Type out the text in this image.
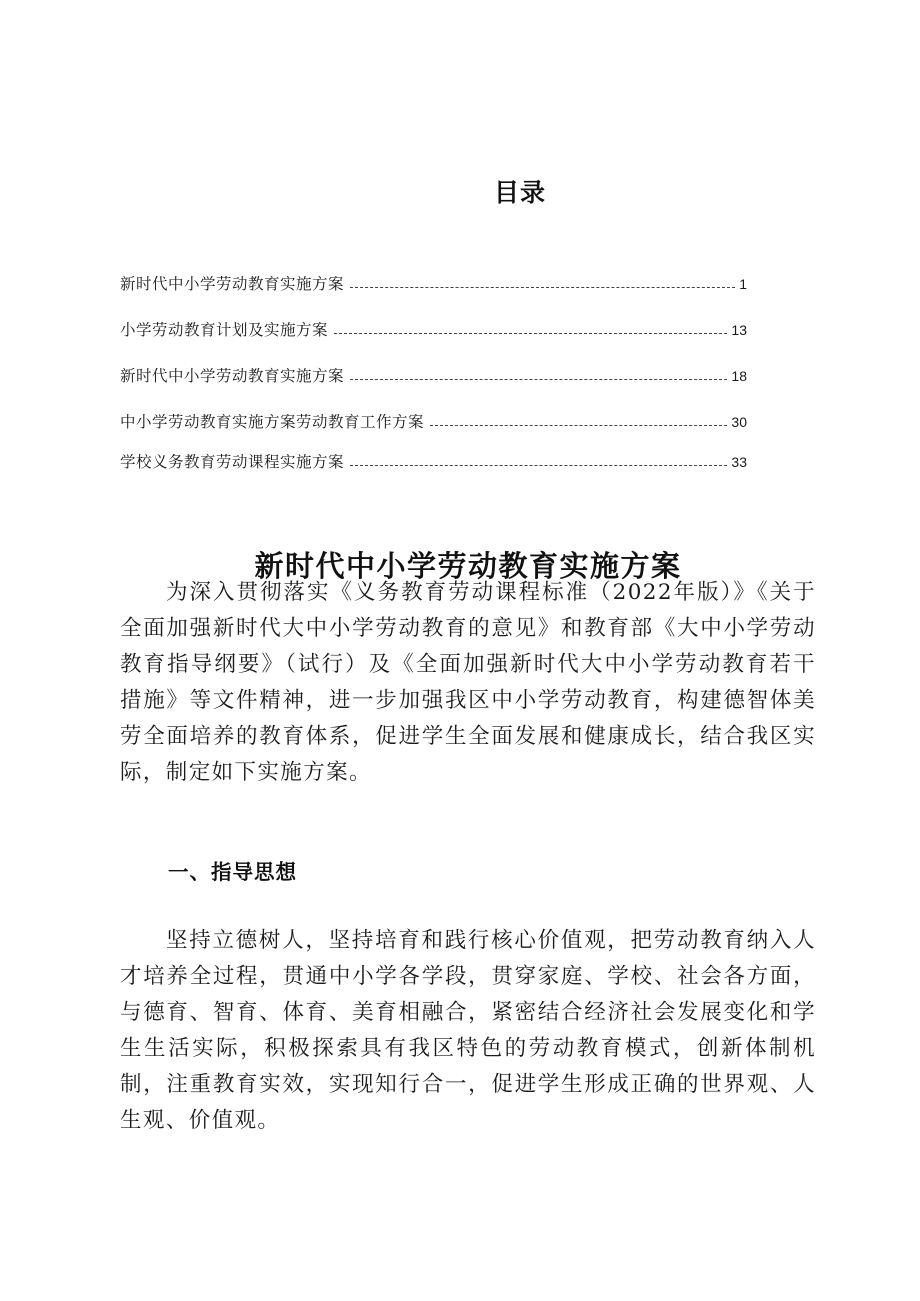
目录
新时代中小学劳动教育实施方案	1
小学劳动教育计划及实施方案	13
新时代中小学劳动教育实施方案	18
中小学劳动教育实施方案劳动教育工作方案	30
学校义务教育劳动课程实施方案	33
新时代中小学劳动教育实施方案

为深入贯彻落实《义务教育劳动课程标准（2022年版）》《关于全面加强新时代大中小学劳动教育的意见》和教育部《大中小学劳动教育指导纲要》（试行）及《全面加强新时代大中小学劳动教育若干措施》等文件精神，进一步加强我区中小学劳动教育，构建德智体美劳全面培养的教育体系，促进学生全面发展和健康成长，结合我区实际，制定如下实施方案。

一、指导思想

坚持立德树人，坚持培育和践行核心价值观，把劳动教育纳入人才培养全过程，贯通中小学各学段，贯穿家庭、学校、社会各方面，与德育、智育、体育、美育相融合，紧密结合经济社会发展变化和学生生活实际，积极探索具有我区特色的劳动教育模式，创新体制机制，注重教育实效，实现知行合一，促进学生形成正确的世界观、人生观、价值观。
